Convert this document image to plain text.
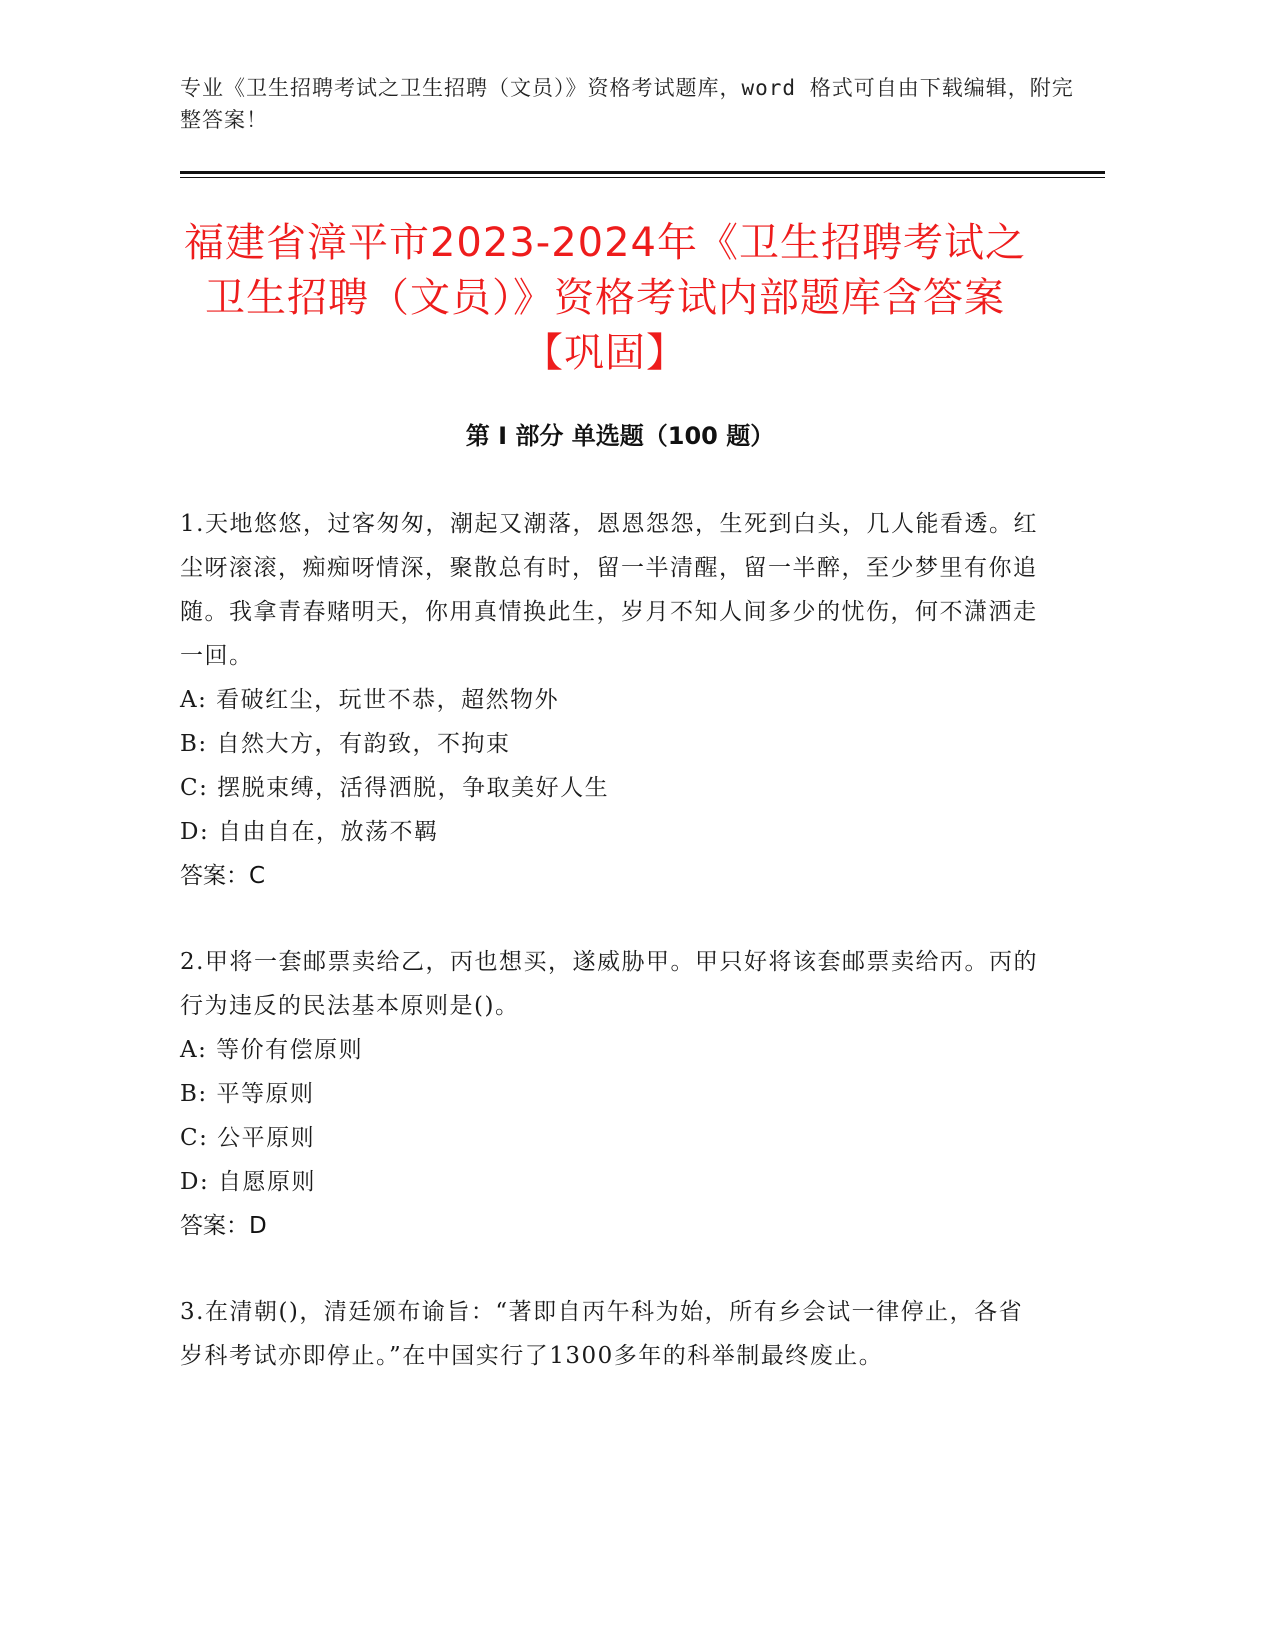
专业《卫生招聘考试之卫生招聘（文员）》资格考试题库，word 格式可自由下载编辑，附完整答案！
福建省漳平市2023-2024年《卫生招聘考试之卫生招聘（文员）》资格考试内部题库含答案【巩固】
第 I 部分 单选题（100 题）
1.天地悠悠，过客匆匆，潮起又潮落，恩恩怨怨，生死到白头，几人能看透。红尘呀滚滚，痴痴呀情深，聚散总有时，留一半清醒，留一半醉，至少梦里有你追随。我拿青春赌明天，你用真情换此生，岁月不知人间多少的忧伤，何不潇洒走一回。
A: 看破红尘，玩世不恭，超然物外
B: 自然大方，有韵致，不拘束
C: 摆脱束缚，活得洒脱，争取美好人生
D: 自由自在，放荡不羁
答案：C
2.甲将一套邮票卖给乙，丙也想买，遂威胁甲。甲只好将该套邮票卖给丙。丙的行为违反的民法基本原则是()。
A: 等价有偿原则
B: 平等原则
C: 公平原则
D: 自愿原则
答案：D
3.在清朝()，清廷颁布谕旨：“著即自丙午科为始，所有乡会试一律停止，各省岁科考试亦即停止。”在中国实行了1300多年的科举制最终废止。
